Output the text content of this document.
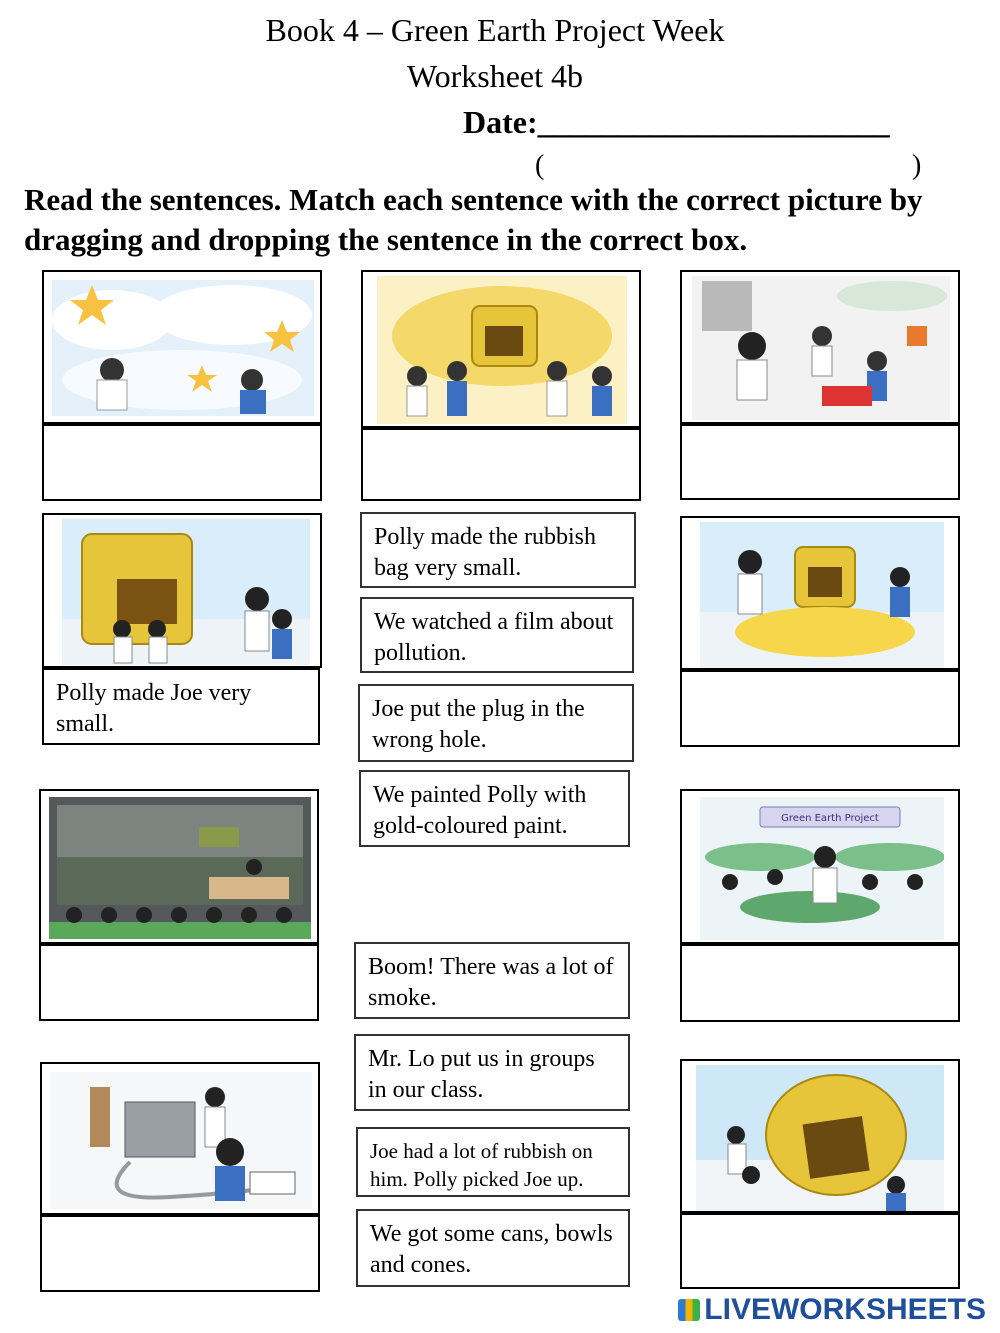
Book 4 – Green Earth Project Week
Worksheet 4b
Date:______________________
(	)
Read the sentences. Match each sentence with the correct picture by dragging and dropping the sentence in the correct box.
Polly made Joe very small.
Green Earth Project
Polly made the rubbish bag very small.
We watched a film about pollution.
Joe put the plug in the wrong hole.
We painted Polly with gold-coloured paint.
Boom! There was a lot of smoke.
Mr. Lo put us in groups in our class.
Joe had a lot of rubbish on him. Polly picked Joe up.
We got some cans, bowls and cones.
LIVEWORKSHEETS
